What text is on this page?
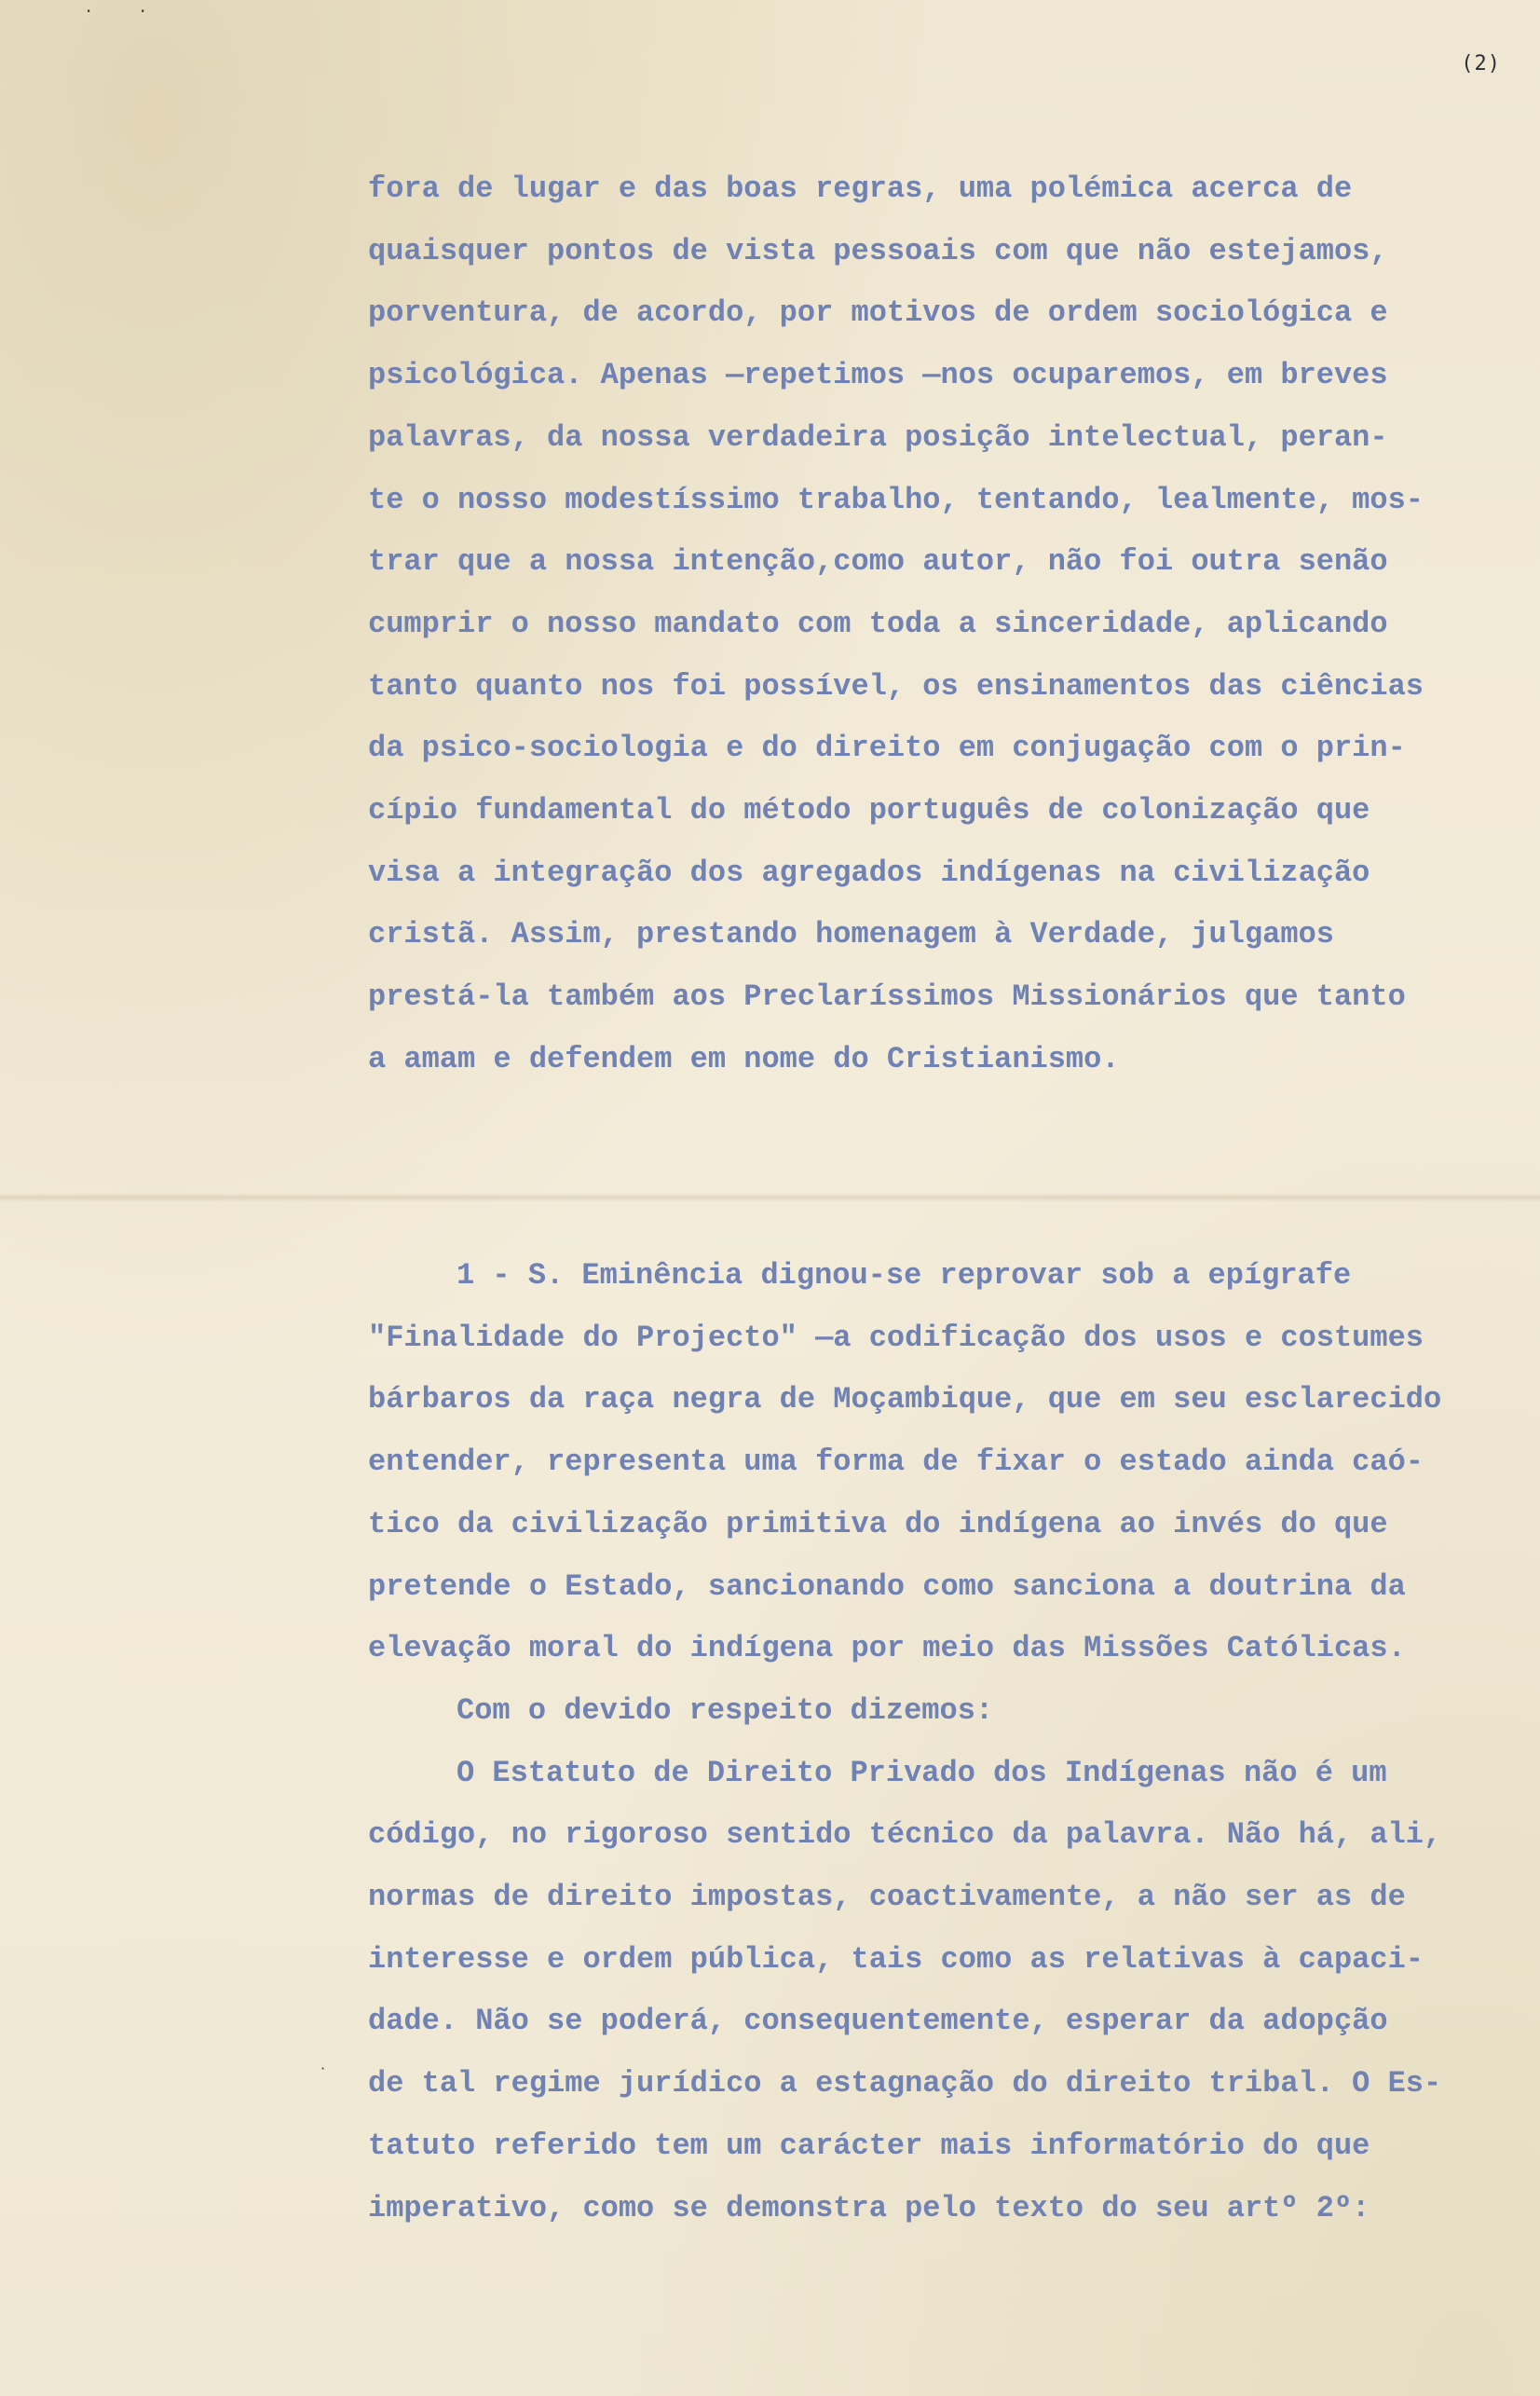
(2)
fora de lugar e das boas regras, uma polémica acerca de
quaisquer pontos de vista pessoais com que não estejamos,
porventura, de acordo, por motivos de ordem sociológica e
psicológica. Apenas —repetimos —nos ocuparemos, em breves
palavras, da nossa verdadeira posição intelectual, peran-
te o nosso modestíssimo trabalho, tentando, lealmente, mos-
trar que a nossa intenção,como autor, não foi outra senão
cumprir o nosso mandato com toda a sinceridade, aplicando
tanto quanto nos foi possível, os ensinamentos das ciências
da psico-sociologia e do direito em conjugação com o prin-
cípio fundamental do método português de colonização que
visa a integração dos agregados indígenas na civilização
cristã. Assim, prestando homenagem à Verdade, julgamos
prestá-la também aos Preclaríssimos Missionários que tanto
a amam e defendem em nome do Cristianismo.
1 - S. Eminência dignou-se reprovar sob a epígrafe
"Finalidade do Projecto" —a codificação dos usos e costumes
bárbaros da raça negra de Moçambique, que em seu esclarecido
entender, representa uma forma de fixar o estado ainda caó-
tico da civilização primitiva do indígena ao invés do que
pretende o Estado, sancionando como sanciona a doutrina da
elevação moral do indígena por meio das Missões Católicas.
Com o devido respeito dizemos:
O Estatuto de Direito Privado dos Indígenas não é um
código, no rigoroso sentido técnico da palavra. Não há, ali,
normas de direito impostas, coactivamente, a não ser as de
interesse e ordem pública, tais como as relativas à capaci-
dade. Não se poderá, consequentemente, esperar da adopção
de tal regime jurídico a estagnação do direito tribal. O Es-
tatuto referido tem um carácter mais informatório do que
imperativo, como se demonstra pelo texto do seu artº 2º:
·	·
·
